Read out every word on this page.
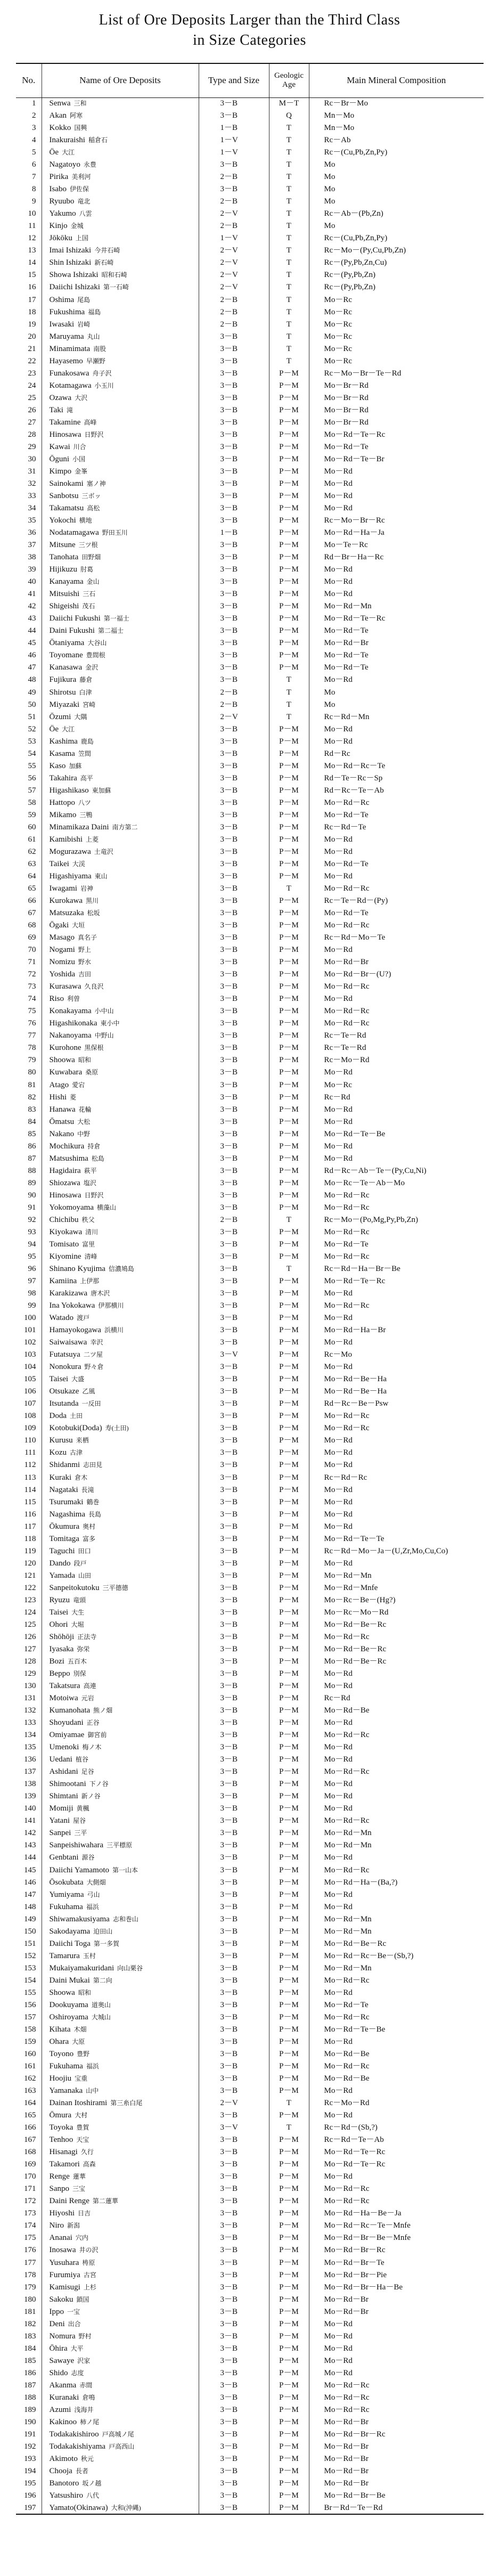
List of Ore Deposits Larger than the Third Class
in Size Categories
No.	Name of Ore Deposits	Type and Size	Geologic Age	Main Mineral Composition
1	Senwa 三和	3－B	M－T	Rc－Br－Mo
2	Akan 阿寒	3－B	Q	Mn－Mo
3	Kokko 国興	1－B	T	Mn－Mo
4	Inakuraishi 稲倉石	1－V	T	Rc－Ab
5	Öe 大江	1－V	T	Rc－(Cu,Pb,Zn,Py)
6	Nagatoyo 永豊	3－B	T	Mo
7	Pirika 美利河	2－B	T	Mo
8	Isabo 伊佐保	3－B	T	Mo
9	Ryuubo 竜北	2－B	T	Mo
10	Yakumo 八雲	2－V	T	Rc－Ab－(Pb,Zn)
11	Kinjo 金城	2－B	T	Mo
12	Jōkōku 上国	1－V	T	Rc－(Cu,Pb,Zn,Py)
13	Imai Ishizaki 今井石崎	2－V	T	Rc－Mo－(Py,Cu,Pb,Zn)
14	Shin Ishizaki 新石崎	2－V	T	Rc－(Py,Pb,Zn,Cu)
15	Showa Ishizaki 昭和石崎	2－V	T	Rc－(Py,Pb,Zn)
16	Daiichi Ishizaki 第一石崎	2－V	T	Rc－(Py,Pb,Zn)
17	Oshima 尾島	2－B	T	Mo－Rc
18	Fukushima 福島	2－B	T	Mo－Rc
19	Iwasaki 岩崎	2－B	T	Mo－Rc
20	Maruyama 丸山	3－B	T	Mo－Rc
21	Minamimata 南股	3－B	T	Mo－Rc
22	Hayasemo 早瀬野	3－B	T	Mo－Rc
23	Funakosawa 舟子沢	3－B	P－M	Rc－Mo－Br－Te－Rd
24	Kotamagawa 小玉川	3－B	P－M	Mo－Br－Rd
25	Ozawa 大沢	3－B	P－M	Mo－Br－Rd
26	Taki 滝	3－B	P－M	Mo－Br－Rd
27	Takamine 高峰	3－B	P－M	Mo－Br－Rd
28	Hinosawa 日野沢	3－B	P－M	Mo－Rd－Te－Rc
29	Kawai 川合	3－B	P－M	Mo－Rd－Te
30	Ōguni 小国	3－B	P－M	Mo－Rd－Te－Br
31	Kimpo 金峯	3－B	P－M	Mo－Rd
32	Sainokami 塞ノ神	3－B	P－M	Mo－Rd
33	Sanbotsu 三ボッ	3－B	P－M	Mo－Rd
34	Takamatsu 高松	3－B	P－M	Mo－Rd
35	Yokochi 横地	3－B	P－M	Rc－Mo－Br－Rc
36	Nodatamagawa 野田玉川	1－B	P－M	Mo－Rd－Ha－Ja
37	Mitsune 三ツ根	3－B	P－M	Mo－Te－Rc
38	Tanohata 田野畑	3－B	P－M	Rd－Br－Ha－Rc
39	Hijikuzu 肘葛	3－B	P－M	Mo－Rd
40	Kanayama 金山	3－B	P－M	Mo－Rd
41	Mitsuishi 三石	3－B	P－M	Mo－Rd
42	Shigeishi 茂石	3－B	P－M	Mo－Rd－Mn
43	Daiichi Fukushi 第一福士	3－B	P－M	Mo－Rd－Te－Rc
44	Daini Fukushi 第二福士	3－B	P－M	Mo－Rd－Te
45	Ōtaniyama 大谷山	3－B	P－M	Mo－Rd－Br
46	Toyomane 豊間根	3－B	P－M	Mo－Rd－Te
47	Kanasawa 金沢	3－B	P－M	Mo－Rd－Te
48	Fujikura 藤倉	3－B	T	Mo－Rd
49	Shirotsu 白津	2－B	T	Mo
50	Miyazaki 宮崎	2－B	T	Mo
51	Ōzumi 大隅	2－V	T	Rc－Rd－Mn
52	Öe 大江	3－B	P－M	Mo－Rd
53	Kashima 鹿島	3－B	P－M	Mo－Rd
54	Kasama 笠間	3－B	P－M	Rd－Rc
55	Kaso 加蘇	3－B	P－M	Mo－Rd－Rc－Te
56	Takahira 高平	3－B	P－M	Rd－Te－Rc－Sp
57	Higashikaso 東加蘇	3－B	P－M	Rd－Rc－Te－Ab
58	Hattopo 八ツ	3－B	P－M	Mo－Rd－Rc
59	Mikamo 三鴨	3－B	P－M	Mo－Rd－Te
60	Minamikaza Daini 南方第二	3－B	P－M	Rc－Rd－Te
61	Kamibishi 上菱	3－B	P－M	Mo－Rd
62	Mogurazawa 土竜沢	3－B	P－M	Mo－Rd
63	Taikei 大渓	3－B	P－M	Mo－Rd－Te
64	Higashiyama 東山	3－B	P－M	Mo－Rd
65	Iwagami 岩神	3－B	T	Mo－Rd－Rc
66	Kurokawa 黒川	3－B	P－M	Rc－Te－Rd－(Py)
67	Matsuzaka 松坂	3－B	P－M	Mo－Rd－Te
68	Ōgaki 大垣	3－B	P－M	Mo－Rd－Rc
69	Masago 真名子	3－B	P－M	Rc－Rd－Mo－Te
70	Nogami 野上	3－B	P－M	Mo－Rd
71	Nomizu 野水	3－B	P－M	Mo－Rd－Br
72	Yoshida 吉田	3－B	P－M	Mo－Rd－Br－(U?)
73	Kurasawa 久良沢	3－B	P－M	Mo－Rd－Rc
74	Riso 利曽	3－B	P－M	Mo－Rd
75	Konakayama 小中山	3－B	P－M	Mo－Rd－Rc
76	Higashikonaka 東小中	3－B	P－M	Mo－Rd－Rc
77	Nakanoyama 中野山	3－B	P－M	Rc－Te－Rd
78	Kurohone 黒保根	3－B	P－M	Rc－Te－Rd
79	Shoowa 昭和	3－B	P－M	Rc－Mo－Rd
80	Kuwabara 桑原	3－B	P－M	Mo－Rd
81	Atago 愛宕	3－B	P－M	Mo－Rc
82	Hishi 菱	3－B	P－M	Rc－Rd
83	Hanawa 花輪	3－B	P－M	Mo－Rd
84	Ōmatsu 大松	3－B	P－M	Mo－Rd
85	Nakano 中野	3－B	P－M	Mo－Rd－Te－Be
86	Mochikura 持倉	3－B	P－M	Mo－Rd
87	Matsushima 松島	3－B	P－M	Mo－Rd
88	Hagidaira 萩平	3－B	P－M	Rd－Rc－Ab－Te－(Py,Cu,Ni)
89	Shiozawa 塩沢	3－B	P－M	Mo－Rc－Te－Ab－Mo
90	Hinosawa 日野沢	3－B	P－M	Mo－Rd－Rc
91	Yokomoyama 横藻山	3－B	P－M	Mo－Rd－Rc
92	Chichibu 秩父	2－B	T	Rc－Mo－(Po,Mg,Py,Pb,Zn)
93	Kiyokawa 清川	3－B	P－M	Mo－Rd－Rc
94	Tomisato 富里	3－B	P－M	Mo－Rd－Te
95	Kiyomine 清峰	3－B	P－M	Mo－Rd－Rc
96	Shinano Kyujima 信濃鳩島	3－B	T	Rc－Rd－Ha－Br－Be
97	Kamiina 上伊那	3－B	P－M	Mo－Rd－Te－Rc
98	Karakizawa 唐木沢	3－B	P－M	Mo－Rd
99	Ina Yokokawa 伊那横川	3－B	P－M	Mo－Rd－Rc
100	Watado 渡戸	3－B	P－M	Mo－Rd
101	Hamayokogawa 浜横川	3－B	P－M	Mo－Rd－Ha－Br
102	Saiwaisawa 幸沢	3－B	P－M	Mo－Rd
103	Futatsuya 二ツ屋	3－V	P－M	Rc－Mo
104	Nonokura 野々倉	3－B	P－M	Mo－Rd
105	Taisei 大盛	3－B	P－M	Mo－Rd－Be－Ha
106	Otsukaze 乙風	3－B	P－M	Mo－Rd－Be－Ha
107	Itsutanda 一反田	3－B	P－M	Rd－Rc－Be－Psw
108	Doda 土田	3－B	P－M	Mo－Rd－Rc
109	Kotobuki(Doda) 寿(土田)	3－B	P－M	Mo－Rd－Rc
110	Kurusu 来栖	3－B	P－M	Mo－Rd
111	Kozu 古津	3－B	P－M	Mo－Rd
112	Shidanmi 志田見	3－B	P－M	Mo－Rd
113	Kuraki 倉木	3－B	P－M	Rc－Rd－Rc
114	Nagataki 長滝	3－B	P－M	Mo－Rd
115	Tsurumaki 鶴巻	3－B	P－M	Mo－Rd
116	Nagashima 長島	3－B	P－M	Mo－Rd
117	Ōkumura 奥村	3－B	P－M	Mo－Rd
118	Tomitaga 富多	3－B	P－M	Mo－Rd－Te－Te
119	Taguchi 田口	3－B	P－M	Rc－Rd－Mo－Ja－(U,Zr,Mo,Cu,Co)
120	Dando 段戸	3－B	P－M	Mo－Rd
121	Yamada 山田	3－B	P－M	Mo－Rd－Mn
122	Sanpeitokutoku 三平德德	3－B	P－M	Mo－Rd－Mnfe
123	Ryuzu 竜頭	3－B	P－M	Mo－Rc－Be－(Hg?)
124	Taisei 大生	3－B	P－M	Mo－Rc－Mo－Rd
125	Ohori 大堀	3－B	P－M	Mo－Rd－Be－Rc
126	Shōhōji 正法寺	3－B	P－M	Mo－Rd－Rc
127	Iyasaka 弥栄	3－B	P－M	Mo－Rd－Be－Rc
128	Bozi 五百木	3－B	P－M	Mo－Rd－Be－Rc
129	Beppo 別保	3－B	P－M	Mo－Rd
130	Takatsura 高連	3－B	P－M	Mo－Rd
131	Motoiwa 元岩	3－B	P－M	Rc－Rd
132	Kumanohata 熊ノ畑	3－B	P－M	Mo－Rd－Be
133	Shoyudani 正谷	3－B	P－M	Mo－Rd
134	Omiyamae 御宮前	3－B	P－M	Mo－Rd－Rc
135	Umenoki 梅ノ木	3－B	P－M	Mo－Rd
136	Uedani 植谷	3－B	P－M	Mo－Rd
137	Ashidani 足谷	3－B	P－M	Mo－Rd－Rc
138	Shimootani 下ノ谷	3－B	P－M	Mo－Rd
139	Shimtani 新ノ谷	3－B	P－M	Mo－Rd
140	Momiji 黄楓	3－B	P－M	Mo－Rd
141	Yatani 屋谷	3－B	P－M	Mo－Rd－Rc
142	Sanpei 三平	3－B	P－M	Mo－Rd－Mn
143	Sanpeishiwahara 三平標原	3－B	P－M	Mo－Rd－Mn
144	Genbtani 源谷	3－B	P－M	Mo－Rd
145	Daiichi Yamamoto 第一山本	3－B	P－M	Mo－Rd－Rc
146	Ōsokubata 大側畑	3－B	P－M	Mo－Rd－Ha－(Ba,?)
147	Yumiyama 弓山	3－B	P－M	Mo－Rd
148	Fukuhama 福浜	3－B	P－M	Mo－Rd
149	Shiwamakusiyama 志和巻山	3－B	P－M	Mo－Rd－Mn
150	Sakodayama 迫田山	3－B	P－M	Mo－Rd－Mn
151	Daiichi Toga 第一多賀	3－B	P－M	Mo－Rd－Be－Rc
152	Tamarura 玉村	3－B	P－M	Mo－Rd－Rc－Be－(Sb,?)
153	Mukaiyamakuridani 向山栗谷	3－B	P－M	Mo－Rd－Mn
154	Daini Mukai 第二向	3－B	P－M	Mo－Rd－Rc
155	Shoowa 昭和	3－B	P－M	Mo－Rd
156	Dookuyama 道奥山	3－B	P－M	Mo－Rd－Te
157	Oshiroyama 大城山	3－B	P－M	Mo－Rd－Rc
158	Kihata 木畑	3－B	P－M	Mo－Rd－Te－Be
159	Ohara 大原	3－B	P－M	Mo－Rd
160	Toyono 豊野	3－B	P－M	Mo－Rd－Be
161	Fukuhama 福浜	3－B	P－M	Mo－Rd－Rc
162	Hoojiu 宝重	3－B	P－M	Mo－Rd－Be
163	Yamanaka 山中	3－B	P－M	Mo－Rd
164	Dainan Itoshirami 第三糸白尾	2－V	T	Rc－Mo－Rd
165	Ōmura 大村	3－B	P－M	Mo－Rd
166	Toyoka 豊賀	3－V	T	Rc－Rd－(Sb,?)
167	Tenhoo 天宝	3－B	P－M	Rc－Rd－Te－Ab
168	Hisanagi 久行	3－B	P－M	Mo－Rd－Te－Rc
169	Takamori 高森	3－B	P－M	Mo－Rd－Te－Rc
170	Renge 蓮華	3－B	P－M	Mo－Rd
171	Sanpo 三宝	3－B	P－M	Mo－Rd－Rc
172	Daini Renge 第二蓮華	3－B	P－M	Mo－Rd－Rc
173	Hiyoshi 日吉	3－B	P－M	Mo－Rd－Ha－Be－Ja
174	Niro 新潟	3－B	P－M	Mo－Rd－Rc－Te－Mnfe
175	Ananai 穴内	3－B	P－M	Mo－Rd－Br－Be－Mnfe
176	Inosawa 井の沢	3－B	P－M	Mo－Rd－Br－Rc
177	Yusuhara 梼原	3－B	P－M	Mo－Rd－Br－Te
178	Furumiya 古宮	3－B	P－M	Mo－Rd－Br－Pie
179	Kamisugi 上杉	3－B	P－M	Mo－Rd－Br－Ha－Be
180	Sakoku 鎖国	3－B	P－M	Mo－Rd－Br
181	Ippo 一宝	3－B	P－M	Mo－Rd－Br
182	Deni 出合	3－B	P－M	Mo－Rd
183	Nomura 野村	3－B	P－M	Mo－Rd
184	Ōhira 大平	3－B	P－M	Mo－Rd
185	Sawaye 沢家	3－B	P－M	Mo－Rd
186	Shido 志度	3－B	P－M	Mo－Rd
187	Akanma 赤間	3－B	P－M	Mo－Rd－Rc
188	Kuranaki 倉鳴	3－B	P－M	Mo－Rd－Rc
189	Azumi 浅海井	3－B	P－M	Mo－Rd－Rc
190	Kakinoo 柿ノ尾	3－B	P－M	Mo－Rd－Br
191	Todakakishiroo 戸高城ノ尾	3－B	P－M	Mo－Rd－Br－Rc
192	Todakakishiyama 戸高西山	3－B	P－M	Mo－Rd－Br
193	Akimoto 秋元	3－B	P－M	Mo－Rd－Br
194	Chooja 長者	3－B	P－M	Mo－Rd－Br
195	Banotoro 坂ノ越	3－B	P－M	Mo－Rd－Br
196	Yatsushiro 八代	3－B	P－M	Mo－Rd－Br－Be
197	Yamato(Okinawa) 大和(沖縄)	3－B	P－M	Br－Rd－Te－Rd
